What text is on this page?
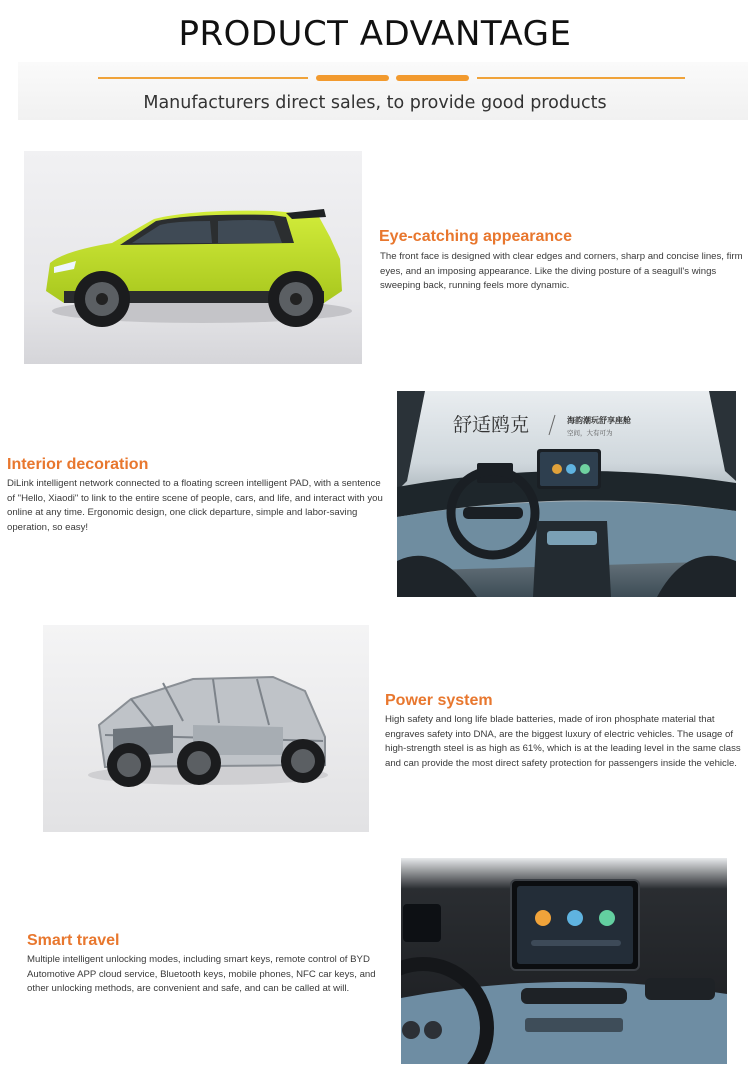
PRODUCT ADVANTAGE
Manufacturers direct sales, to provide good products
Eye-catching appearance
The front face is designed with clear edges and corners, sharp and concise lines, firm eyes, and an imposing appearance. Like the diving posture of a seagull's wings sweeping back, running feels more dynamic.
Interior decoration
DiLink intelligent network connected to a floating screen intelligent PAD, with a sentence of "Hello, Xiaodi" to link to the entire scene of people, cars, and life, and interact with you online at any time. Ergonomic design, one click departure, simple and labor-saving operation, so easy!
舒适鸥克	海韵潮玩舒享座舱
空间，大有可为
Power system
High safety and long life blade batteries, made of iron phosphate material that engraves safety into DNA, are the biggest luxury of electric vehicles. The usage of high-strength steel is as high as 61%, which is at the leading level in the same class and can provide the most direct safety protection for passengers inside the vehicle.
Smart travel
Multiple intelligent unlocking modes, including smart keys, remote control of BYD Automotive APP cloud service, Bluetooth keys, mobile phones, NFC car keys, and other unlocking methods, are convenient and safe, and can be called at will.
